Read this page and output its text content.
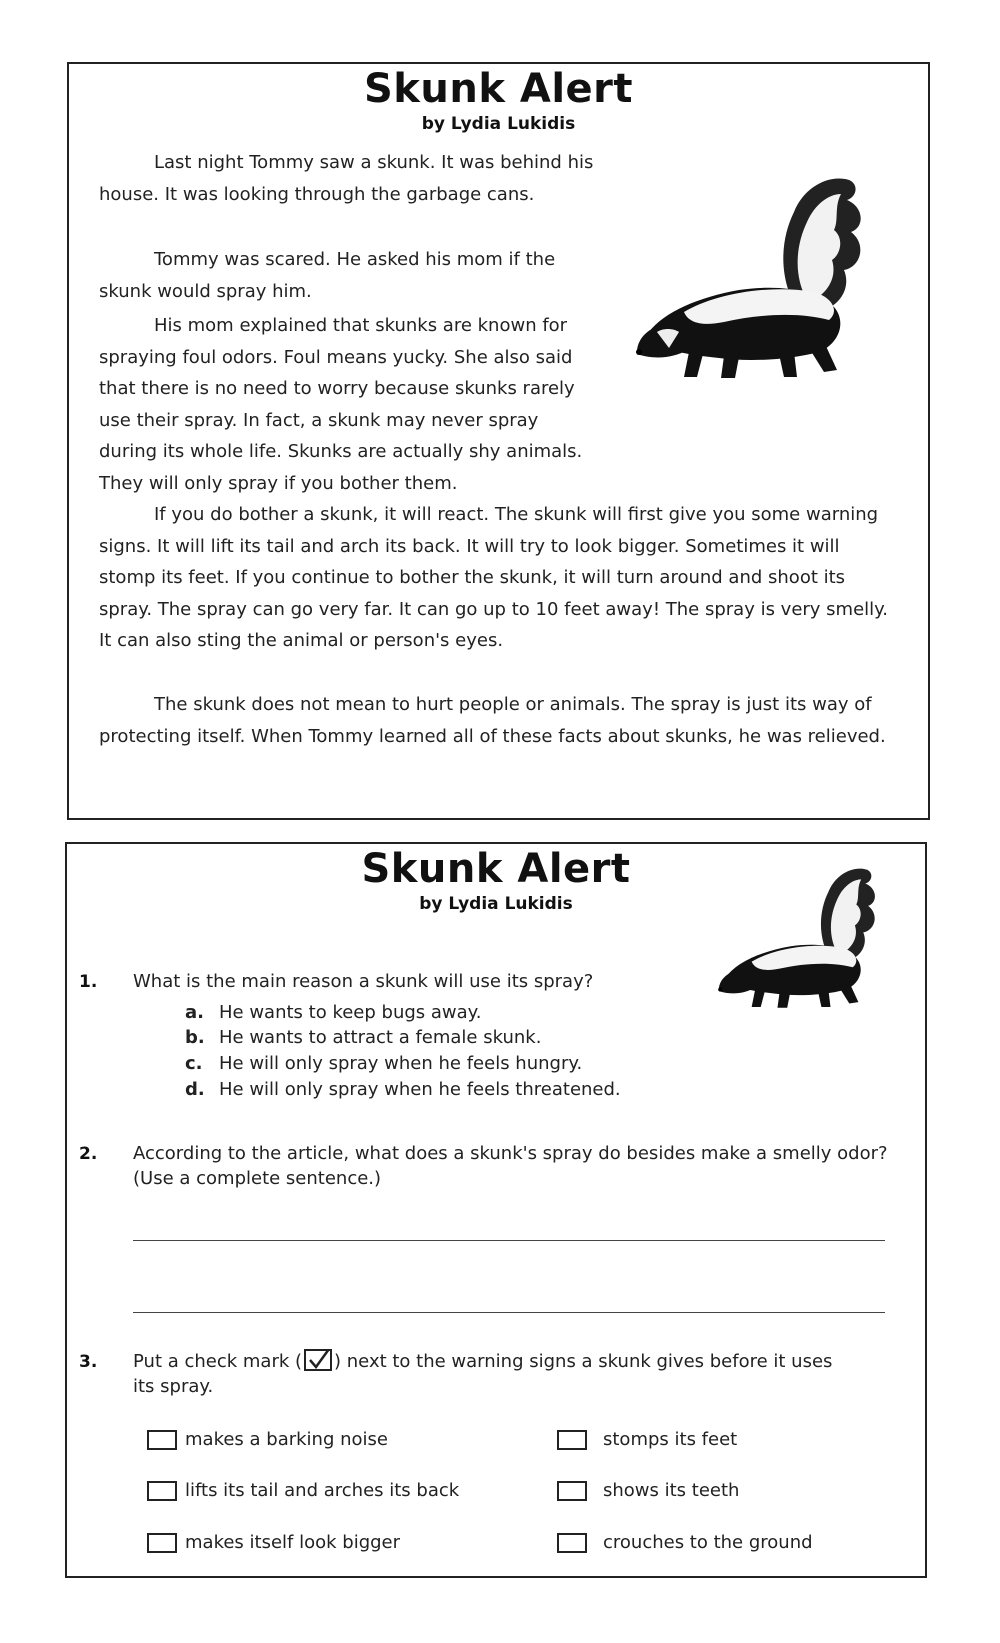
Skunk Alert
by Lydia Lukidis

Last night Tommy saw a skunk. It was behind his house. It was looking through the garbage cans.

Tommy was scared. He asked his mom if the skunk would spray him.

His mom explained that skunks are known for spraying foul odors. Foul means yucky. She also said that there is no need to worry because skunks rarely use their spray. In fact, a skunk may never spray during its whole life. Skunks are actually shy animals. They will only spray if you bother them.

If you do bother a skunk, it will react. The skunk will first give you some warning signs. It will lift its tail and arch its back. It will try to look bigger. Sometimes it will stomp its feet. If you continue to bother the skunk, it will turn around and shoot its spray. The spray can go very far. It can go up to 10 feet away! The spray is very smelly. It can also sting the animal or person's eyes.

The skunk does not mean to hurt people or animals. The spray is just its way of protecting itself. When Tommy learned all of these facts about skunks, he was relieved.

Skunk Alert
by Lydia Lukidis
1. What is the main reason a skunk will use its spray?
a. He wants to keep bugs away.
b. He wants to attract a female skunk.
c. He will only spray when he feels hungry.
d. He will only spray when he feels threatened.
2. According to the article, what does a skunk's spray do besides make a smelly odor? (Use a complete sentence.)
3. Put a check mark ( ) next to the warning signs a skunk gives before it uses its spray.
makes a barking noise	stomps its feet
lifts its tail and arches its back	shows its teeth
makes itself look bigger	crouches to the ground
